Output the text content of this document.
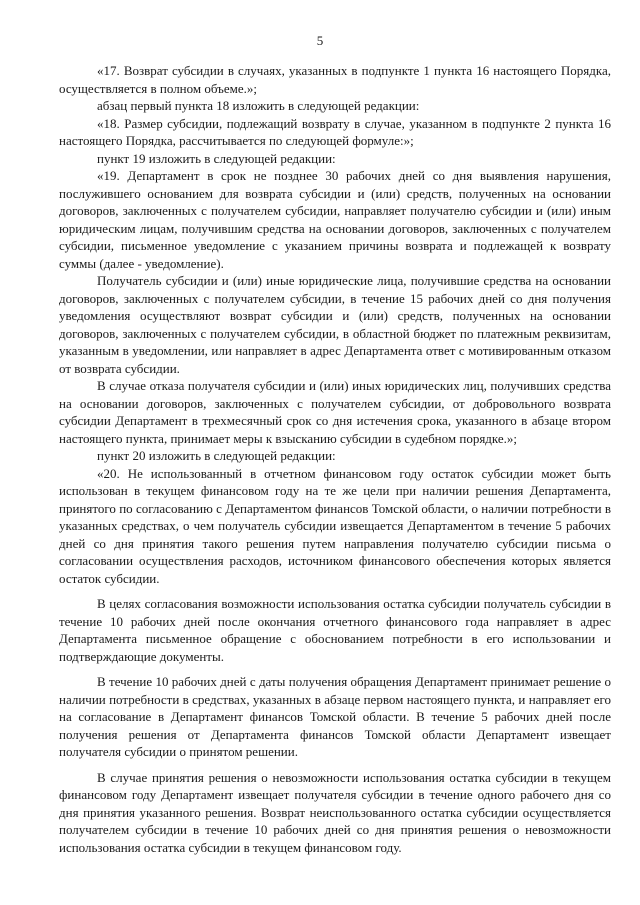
5

«17. Возврат субсидии в случаях, указанных в подпункте 1 пункта 16 настоящего Порядка, осуществляется в полном объеме.»;

абзац первый пункта 18 изложить в следующей редакции:

«18. Размер субсидии, подлежащий возврату в случае, указанном в подпункте 2 пункта 16 настоящего Порядка, рассчитывается по следующей формуле:»;

пункт 19 изложить в следующей редакции:

«19. Департамент в срок не позднее 30 рабочих дней со дня выявления нарушения, послужившего основанием для возврата субсидии и (или) средств, полученных на основании договоров, заключенных с получателем субсидии, направляет получателю субсидии и (или) иным юридическим лицам, получившим средства на основании договоров, заключенных с получателем субсидии, письменное уведомление с указанием причины возврата и подлежащей к возврату суммы (далее - уведомление).

Получатель субсидии и (или) иные юридические лица, получившие средства на основании договоров, заключенных с получателем субсидии, в течение 15 рабочих дней со дня получения уведомления осуществляют возврат субсидии и (или) средств, полученных на основании договоров, заключенных с получателем субсидии, в областной бюджет по платежным реквизитам, указанным в уведомлении, или направляет в адрес Департамента ответ с мотивированным отказом от возврата субсидии.

В случае отказа получателя субсидии и (или) иных юридических лиц, получивших средства на основании договоров, заключенных с получателем субсидии, от добровольного возврата субсидии Департамент в трехмесячный срок со дня истечения срока, указанного в абзаце втором настоящего пункта, принимает меры к взысканию субсидии в судебном порядке.»;

пункт 20 изложить в следующей редакции:

«20. Не использованный в отчетном финансовом году остаток субсидии может быть использован в текущем финансовом году на те же цели при наличии решения Департамента, принятого по согласованию с Департаментом финансов Томской области, о наличии потребности в указанных средствах, о чем получатель субсидии извещается Департаментом в течение 5 рабочих дней со дня принятия такого решения путем направления получателю субсидии письма о согласовании осуществления расходов, источником финансового обеспечения которых является остаток субсидии.

В целях согласования возможности использования остатка субсидии получатель субсидии в течение 10 рабочих дней после окончания отчетного финансового года направляет в адрес Департамента письменное обращение с обоснованием потребности в его использовании и подтверждающие документы.

В течение 10 рабочих дней с даты получения обращения Департамент принимает решение о наличии потребности в средствах, указанных в абзаце первом настоящего пункта, и направляет его на согласование в Департамент финансов Томской области. В течение 5 рабочих дней после получения решения от Департамента финансов Томской области Департамент извещает получателя субсидии о принятом решении.

В случае принятия решения о невозможности использования остатка субсидии в текущем финансовом году Департамент извещает получателя субсидии в течение одного рабочего дня со дня принятия указанного решения. Возврат неиспользованного остатка субсидии осуществляется получателем субсидии в течение 10 рабочих дней со дня принятия решения о невозможности использования остатка субсидии в текущем финансовом году.
